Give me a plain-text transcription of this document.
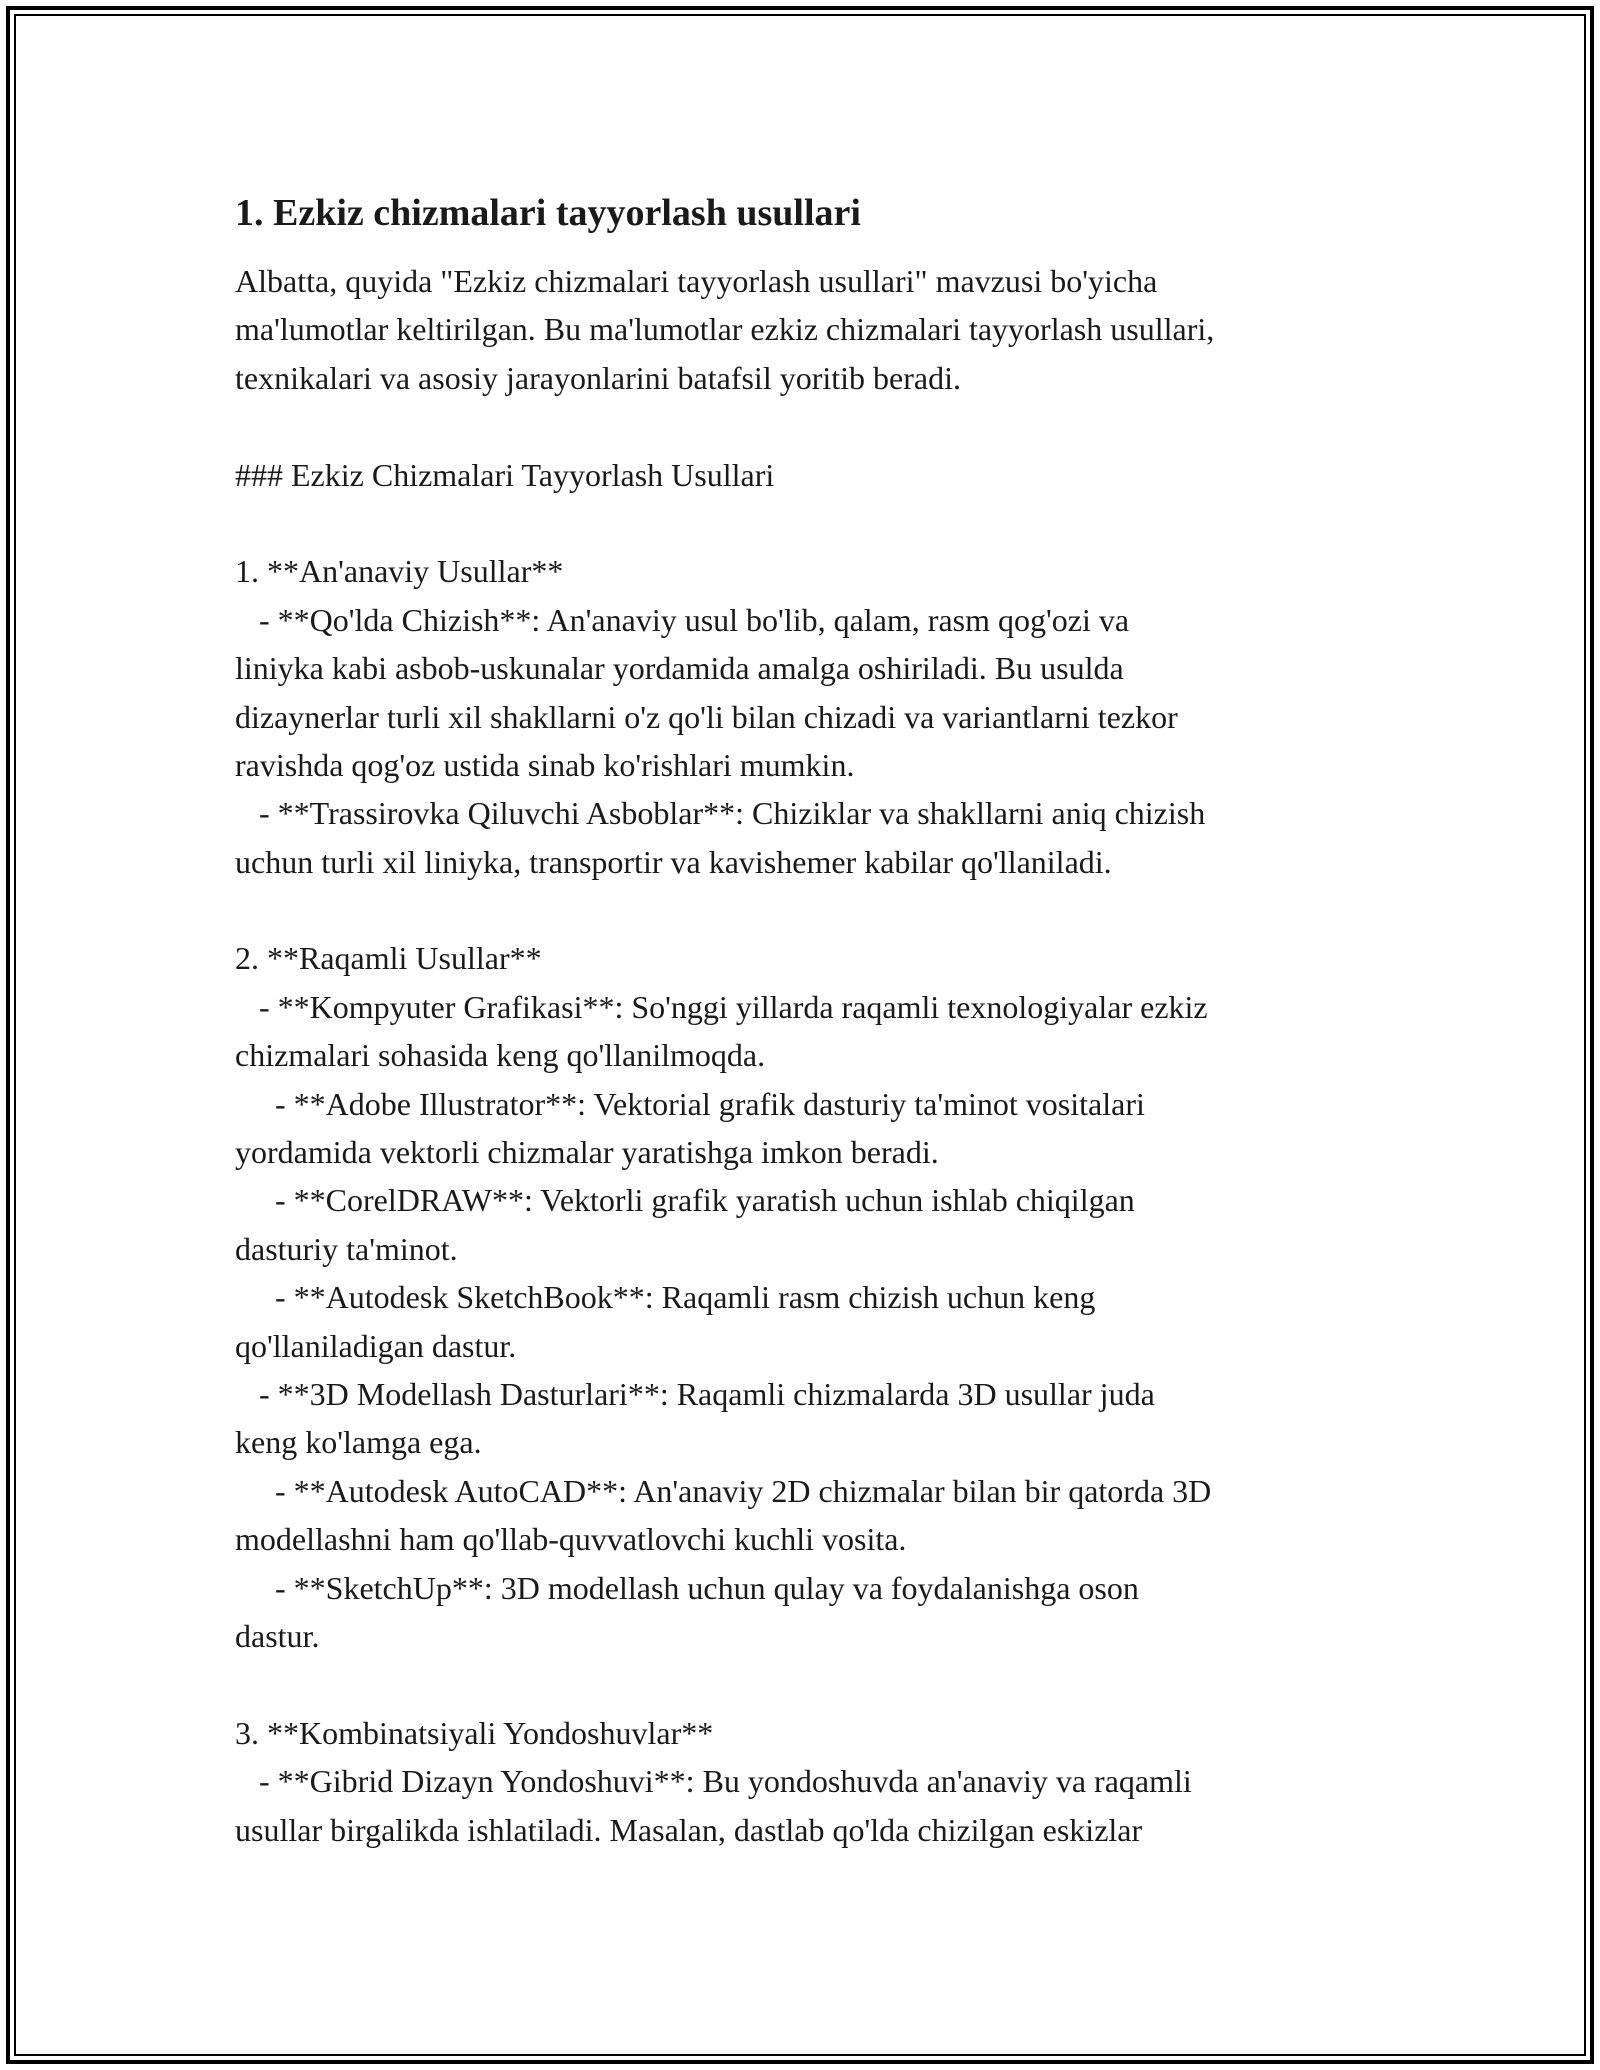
1. Ezkiz chizmalari tayyorlash usullari
Albatta, quyida "Ezkiz chizmalari tayyorlash usullari" mavzusi bo'yicha
ma'lumotlar keltirilgan. Bu ma'lumotlar ezkiz chizmalari tayyorlash usullari,
texnikalari va asosiy jarayonlarini batafsil yoritib beradi.
### Ezkiz Chizmalari Tayyorlash Usullari
1. **An'anaviy Usullar**
- **Qo'lda Chizish**: An'anaviy usul bo'lib, qalam, rasm qog'ozi va
liniyka kabi asbob-uskunalar yordamida amalga oshiriladi. Bu usulda
dizaynerlar turli xil shakllarni o'z qo'li bilan chizadi va variantlarni tezkor
ravishda qog'oz ustida sinab ko'rishlari mumkin.
- **Trassirovka Qiluvchi Asboblar**: Chiziklar va shakllarni aniq chizish
uchun turli xil liniyka, transportir va kavishemer kabilar qo'llaniladi.
2. **Raqamli Usullar**
- **Kompyuter Grafikasi**: So'nggi yillarda raqamli texnologiyalar ezkiz
chizmalari sohasida keng qo'llanilmoqda.
- **Adobe Illustrator**: Vektorial grafik dasturiy ta'minot vositalari
yordamida vektorli chizmalar yaratishga imkon beradi.
- **CorelDRAW**: Vektorli grafik yaratish uchun ishlab chiqilgan
dasturiy ta'minot.
- **Autodesk SketchBook**: Raqamli rasm chizish uchun keng
qo'llaniladigan dastur.
- **3D Modellash Dasturlari**: Raqamli chizmalarda 3D usullar juda
keng ko'lamga ega.
- **Autodesk AutoCAD**: An'anaviy 2D chizmalar bilan bir qatorda 3D
modellashni ham qo'llab-quvvatlovchi kuchli vosita.
- **SketchUp**: 3D modellash uchun qulay va foydalanishga oson
dastur.
3. **Kombinatsiyali Yondoshuvlar**
- **Gibrid Dizayn Yondoshuvi**: Bu yondoshuvda an'anaviy va raqamli
usullar birgalikda ishlatiladi. Masalan, dastlab qo'lda chizilgan eskizlar
